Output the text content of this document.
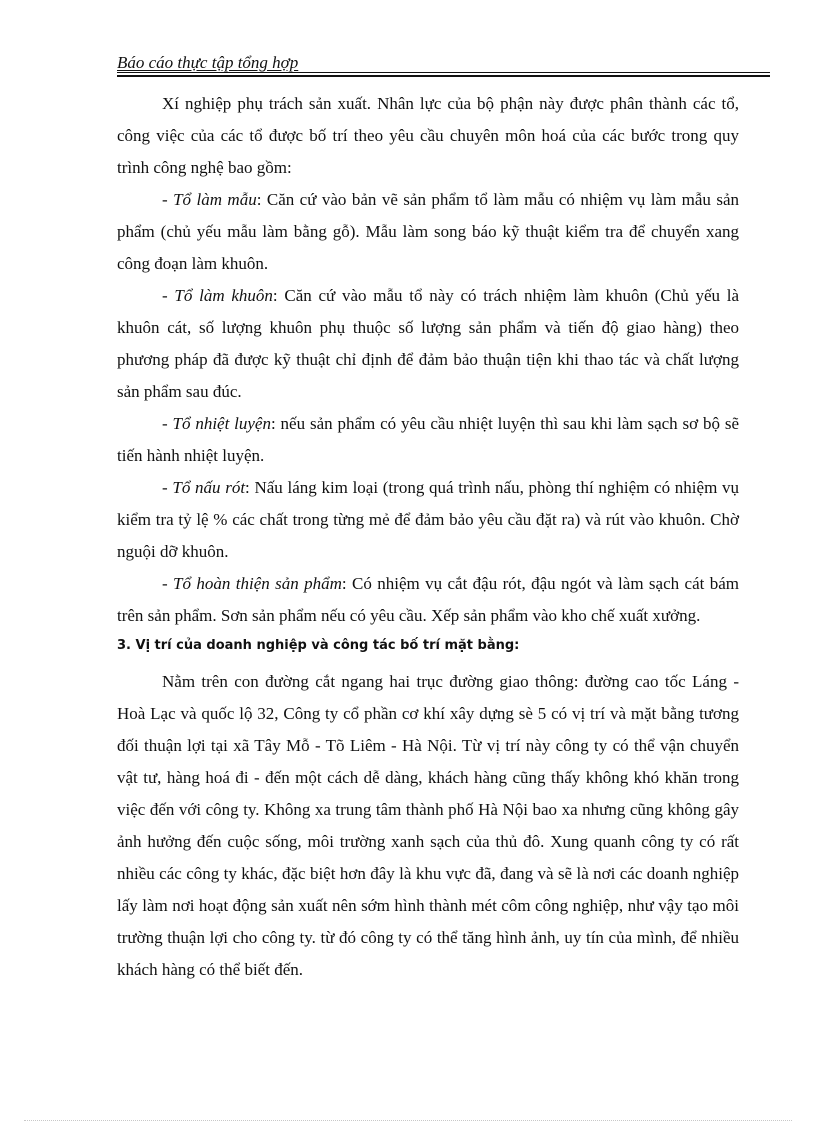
Báo cáo thực tập tổng hợp

Xí nghiệp phụ trách sản xuất. Nhân lực của bộ phận này được phân thành các tổ, công việc của các tổ được bố trí theo yêu cầu chuyên môn hoá của các bước trong quy trình công nghệ bao gồm:

- Tổ làm mẫu: Căn cứ vào bản vẽ sản phẩm tổ làm mẫu có nhiệm vụ làm mẫu sản phẩm (chủ yếu mẫu làm bằng gỗ). Mẫu làm song báo kỹ thuật kiểm tra để chuyển xang công đoạn làm khuôn.

- Tổ làm khuôn: Căn cứ vào mẫu tổ này có trách nhiệm làm khuôn (Chủ yếu là khuôn cát, số lượng khuôn phụ thuộc số lượng sản phẩm và tiến độ giao hàng) theo phương pháp đã được kỹ thuật chỉ định để đảm bảo thuận tiện khi thao tác và chất lượng sản phẩm sau đúc.

- Tổ nhiệt luyện: nếu sản phẩm có yêu cầu nhiệt luyện thì sau khi làm sạch sơ bộ sẽ tiến hành nhiệt luyện.

- Tổ nấu rót: Nấu láng kim loại (trong quá trình nấu, phòng thí nghiệm có nhiệm vụ kiểm tra tỷ lệ % các chất trong từng mẻ để đảm bảo yêu cầu đặt ra) và rút vào khuôn. Chờ nguội dỡ khuôn.

- Tổ hoàn thiện sản phẩm: Có nhiệm vụ cắt đậu rót, đậu ngót và làm sạch cát bám trên sản phẩm. Sơn sản phẩm nếu có yêu cầu. Xếp sản phẩm vào kho chế xuất xưởng.

3. Vị trí của doanh nghiệp và công tác bố trí mặt bằng:

Nằm trên con đường cắt ngang hai trục đường giao thông: đường cao tốc Láng - Hoà Lạc và quốc lộ 32, Công ty cổ phần cơ khí xây dựng sè 5 có vị trí và mặt bằng tương đối thuận lợi tại xã Tây Mỗ - Tõ Liêm - Hà Nội. Từ vị trí này công ty có thể vận chuyển vật tư, hàng hoá đi - đến một cách dễ dàng, khách hàng cũng thấy không khó khăn trong việc đến với công ty. Không xa trung tâm thành phố Hà Nội bao xa nhưng cũng không gây ảnh hưởng đến cuộc sống, môi trường xanh sạch của thủ đô. Xung quanh công ty có rất nhiều các công ty khác, đặc biệt hơn đây là khu vực đã, đang và sẽ là nơi các doanh nghiệp lấy làm nơi hoạt động sản xuất nên sớm hình thành mét côm công nghiệp, như vậy tạo môi trường thuận lợi cho công ty. từ đó công ty có thể tăng hình ảnh, uy tín của mình, để nhiều khách hàng có thể biết đến.
